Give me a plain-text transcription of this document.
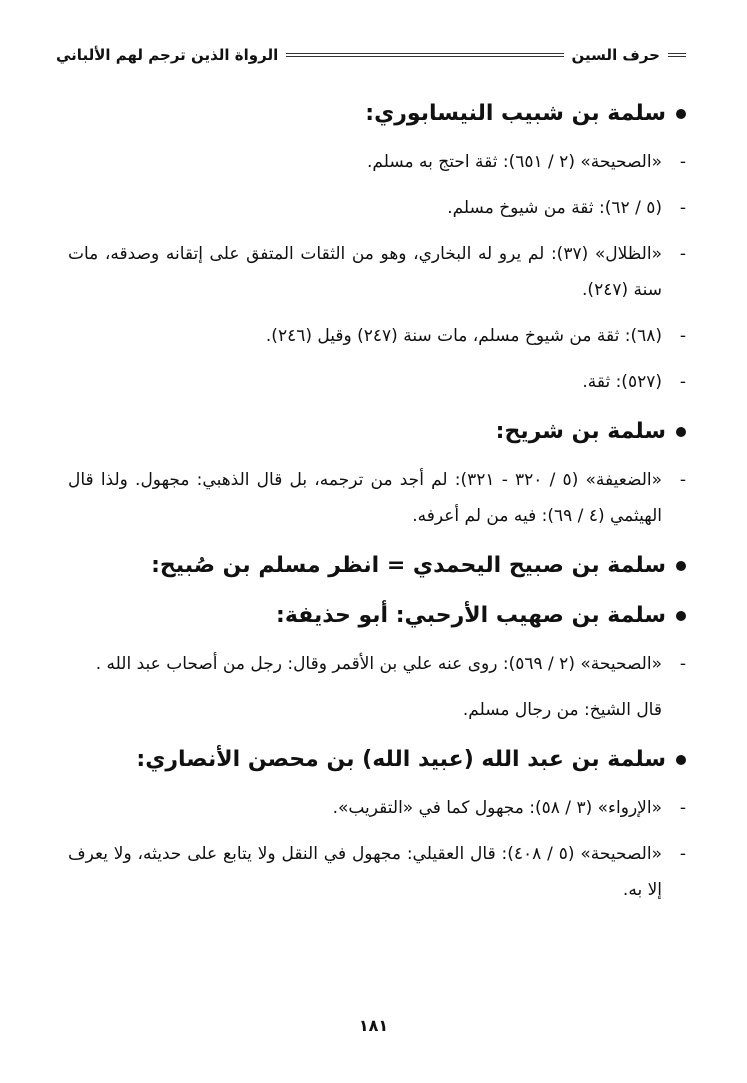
حرف السين
الرواة الذين ترجم لهم الألباني
سلمة بن شبيب النيسابوري:
-
«الصحيحة» (٢ / ٦٥١): ثقة احتج به مسلم.
-
(٥ / ٦٢): ثقة من شيوخ مسلم.
-
«الظلال» (٣٧): لم يرو له البخاري، وهو من الثقات المتفق على إتقانه وصدقه، مات سنة (٢٤٧).
-
(٦٨): ثقة من شيوخ مسلم، مات سنة (٢٤٧) وقيل (٢٤٦).
-
(٥٢٧): ثقة.
سلمة بن شريح:
-
«الضعيفة» (٥ / ٣٢٠ - ٣٢١): لم أجد من ترجمه، بل قال الذهبي: مجهول. ولذا قال الهيثمي (٤ / ٦٩): فيه من لم أعرفه.
سلمة بن صبيح اليحمدي = انظر مسلم بن صُبيح:
سلمة بن صهيب الأرحبي: أبو حذيفة:
-
«الصحيحة» (٢ / ٥٦٩): روى عنه علي بن الأقمر وقال: رجل من أصحاب عبد الله .
قال الشيخ: من رجال مسلم.
سلمة بن عبد الله (عبيد الله) بن محصن الأنصاري:
-
«الإرواء» (٣ / ٥٨): مجهول كما في «التقريب».
-
«الصحيحة» (٥ / ٤٠٨): قال العقيلي: مجهول في النقل ولا يتابع على حديثه، ولا يعرف إلا به.
١٨١
